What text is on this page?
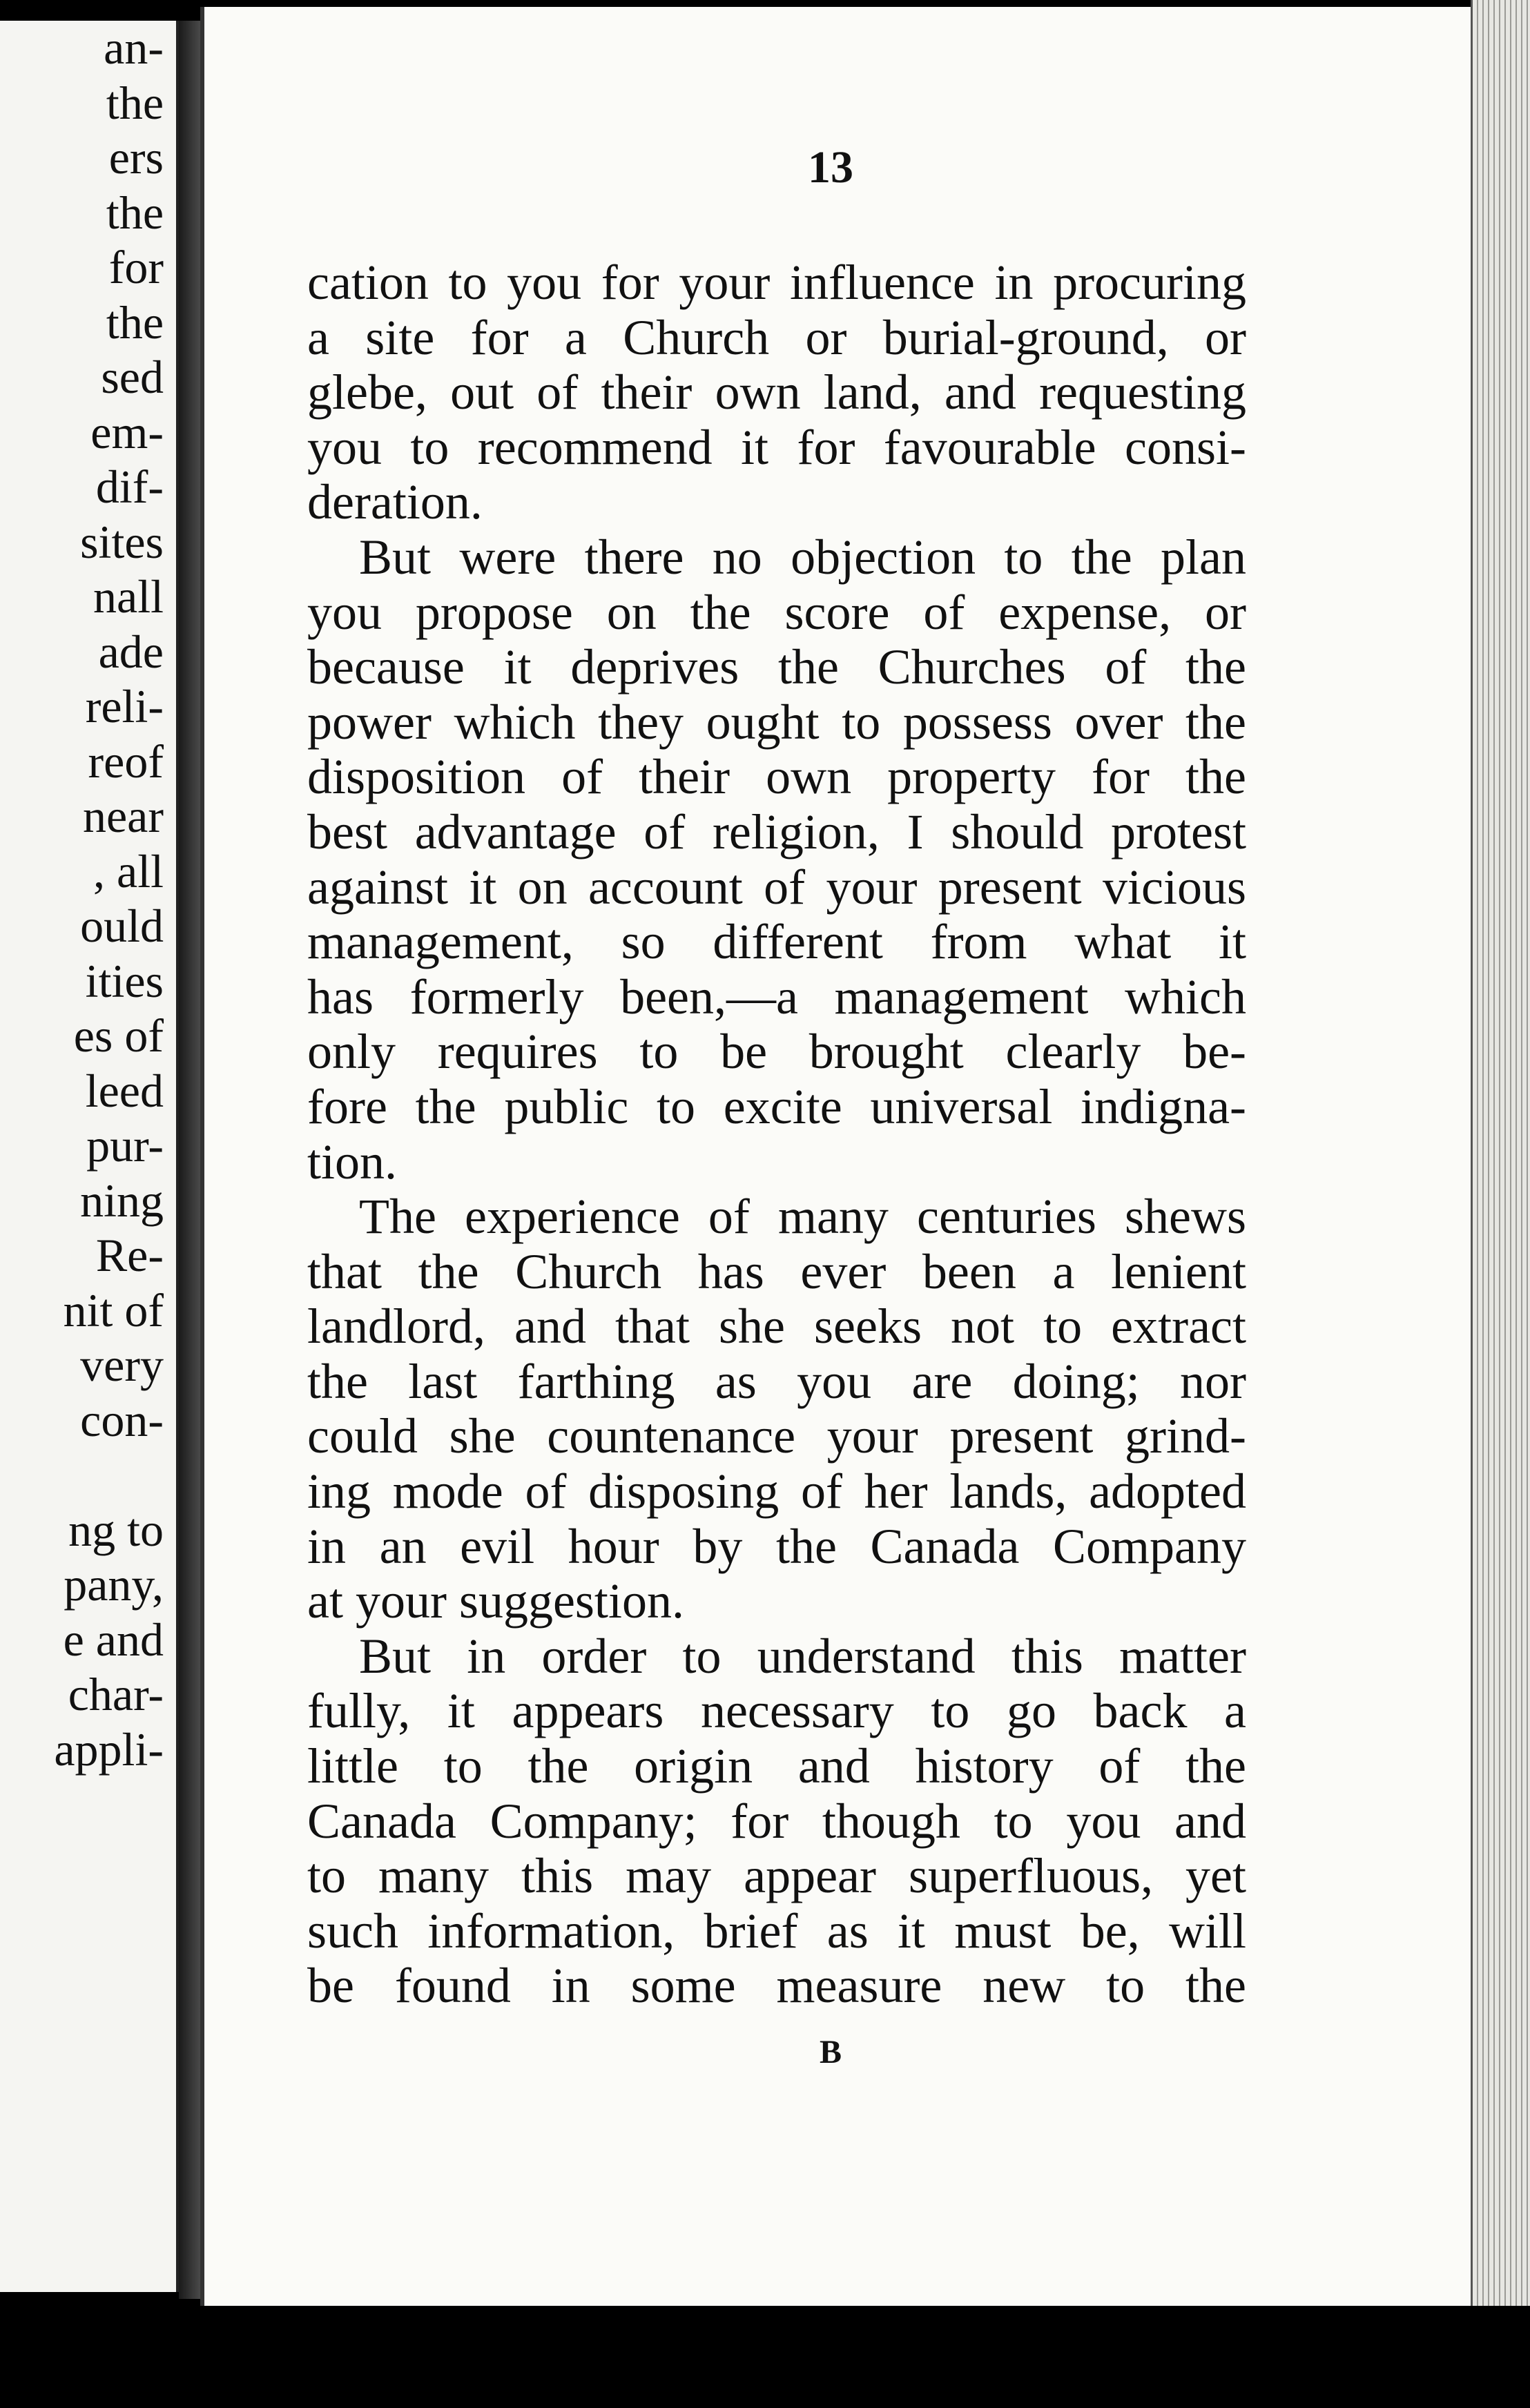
an-
the
ers
the
for
the
sed
em-
dif-
sites
nall
ade
reli-
reof
near
, all
ould
ities
es of
leed
pur-
ning
Re-
nit of
very
con-
ng to
pany,
e and
char-
appli-
13
cation to you for your influence in procuring
a site for a Church or burial-ground, or
glebe, out of their own land, and requesting
you to recommend it for favourable consi-
deration.
But were there no objection to the plan
you propose on the score of expense, or
because it deprives the Churches of the
power which they ought to possess over the
disposition of their own property for the
best advantage of religion, I should protest
against it on account of your present vicious
management, so different from what it
has formerly been,—a management which
only requires to be brought clearly be-
fore the public to excite universal indigna-
tion.
The experience of many centuries shews
that the Church has ever been a lenient
landlord, and that she seeks not to extract
the last farthing as you are doing; nor
could she countenance your present grind-
ing mode of disposing of her lands, adopted
in an evil hour by the Canada Company
at your suggestion.
But in order to understand this matter
fully, it appears necessary to go back a
little to the origin and history of the
Canada Company; for though to you and
to many this may appear superfluous, yet
such information, brief as it must be, will
be found in some measure new to the
B
